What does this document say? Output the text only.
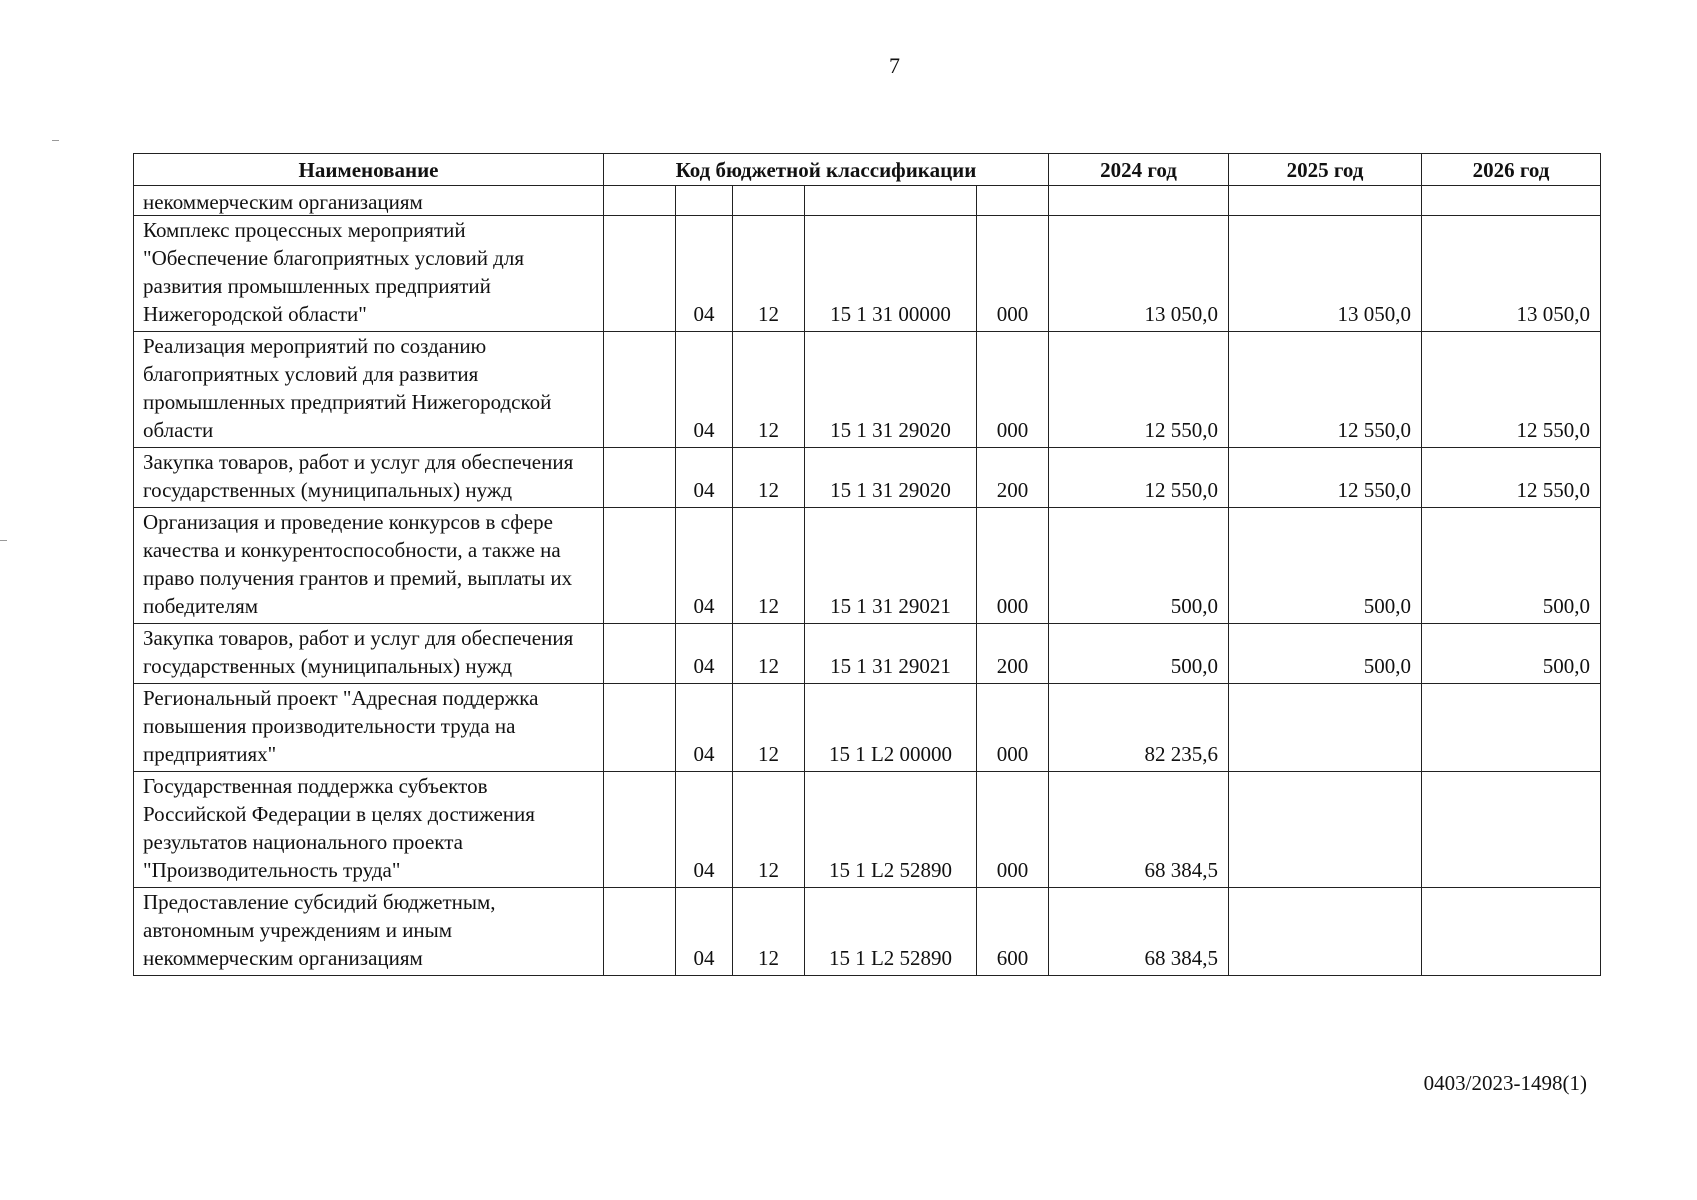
7
Наименование	Код бюджетной классификации					2024 год	2025 год	2026 год
некоммерческим организациям								
Комплекс процессных мероприятий "Обеспечение благоприятных условий для развития промышленных предприятий Нижегородской области"		04	12	15 1 31 00000	000	13 050,0	13 050,0	13 050,0
Реализация мероприятий по созданию благоприятных условий для развития промышленных предприятий Нижегородской области		04	12	15 1 31 29020	000	12 550,0	12 550,0	12 550,0
Закупка товаров, работ и услуг для обеспечения государственных (муниципальных) нужд		04	12	15 1 31 29020	200	12 550,0	12 550,0	12 550,0
Организация и проведение конкурсов в сфере качества и конкурентоспособности, а также на право получения грантов и премий, выплаты их победителям		04	12	15 1 31 29021	000	500,0	500,0	500,0
Закупка товаров, работ и услуг для обеспечения государственных (муниципальных) нужд		04	12	15 1 31 29021	200	500,0	500,0	500,0
Региональный проект "Адресная поддержка повышения производительности труда на предприятиях"		04	12	15 1 L2 00000	000	82 235,6		
Государственная поддержка субъектов Российской Федерации в целях достижения результатов национального проекта "Производительность труда"		04	12	15 1 L2 52890	000	68 384,5		
Предоставление субсидий бюджетным, автономным учреждениям и иным некоммерческим организациям		04	12	15 1 L2 52890	600	68 384,5		
0403/2023-1498(1)
